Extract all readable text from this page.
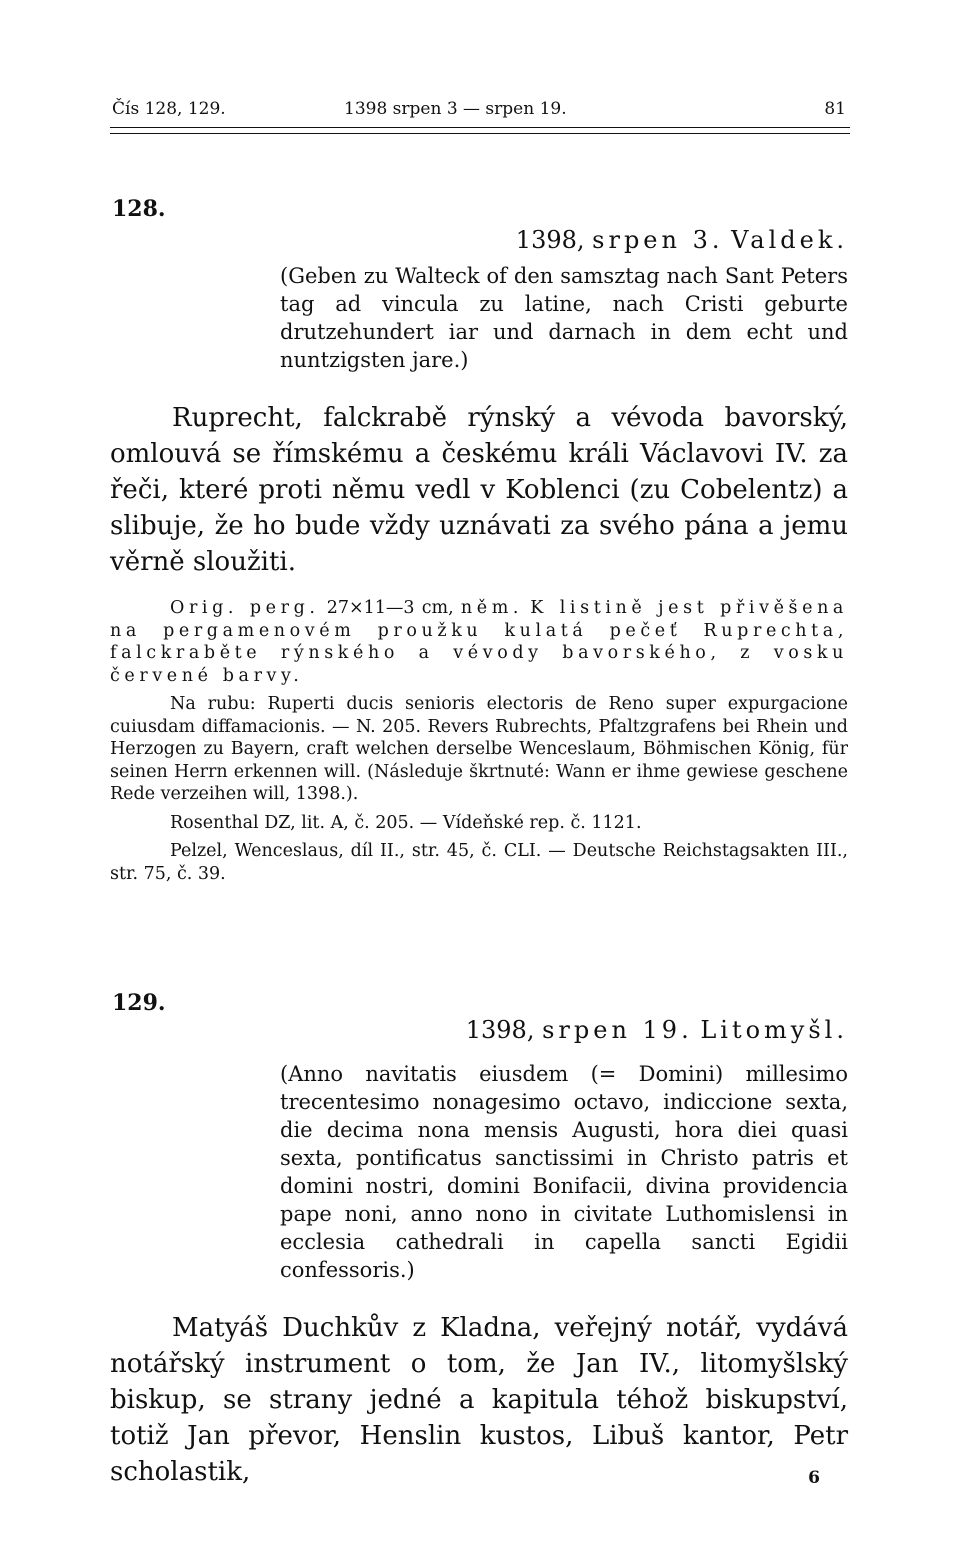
Čís 128, 129.	1398 srpen 3 — srpen 19.	81
128.
1398, srpen 3. Valdek.

(Geben zu Walteck of den samsztag nach Sant Peters tag ad vincula zu latine, nach Cristi geburte drutzehundert iar und darnach in dem echt und nuntzigsten jare.)

Ruprecht, falckrabě rýnský a vévoda bavorský, omlouvá se římskému a českému králi Václavovi IV. za řeči, které proti němu vedl v Koblenci (zu Cobelentz) a slibuje, že ho bude vždy uznávati za svého pána a jemu věrně sloužiti.

Orig. perg. 27×11—3 cm, něm. K listině jest přivěšena na pergamenovém proužku kulatá pečeť Ruprechta, falckraběte rýnského a vévody bavorského, z vosku červené barvy.

Na rubu: Ruperti ducis senioris electoris de Reno super expurgacione cuiusdam diffamacionis. — N. 205. Revers Rubrechts, Pfaltzgrafens bei Rhein und Herzogen zu Bayern, craft welchen derselbe Wenceslaum, Böhmischen König, für seinen Herrn erkennen will. (Následuje škrtnuté: Wann er ihme gewiese geschene Rede verzeihen will, 1398.).

Rosenthal DZ, lit. A, č. 205. — Vídeňské rep. č. 1121.

Pelzel, Wenceslaus, díl II., str. 45, č. CLI. — Deutsche Reichstagsakten III., str. 75, č. 39.

129.
1398, srpen 19. Litomyšl.

(Anno navitatis eiusdem (= Domini) millesimo trecentesimo nonagesimo octavo, indiccione sexta, die decima nona mensis Augusti, hora diei quasi sexta, pontificatus sanctissimi in Christo patris et domini nostri, domini Bonifacii, divina providencia pape noni, anno nono in civitate Luthomislensi in ecclesia cathedrali in capella sancti Egidii confessoris.)

Matyáš Duchkův z Kladna, veřejný notář, vydává notářský instrument o tom, že Jan IV., litomyšlský biskup, se strany jedné a kapitula téhož biskupství, totiž Jan převor, Henslin kustos, Libuš kantor, Petr scholastik,	6
